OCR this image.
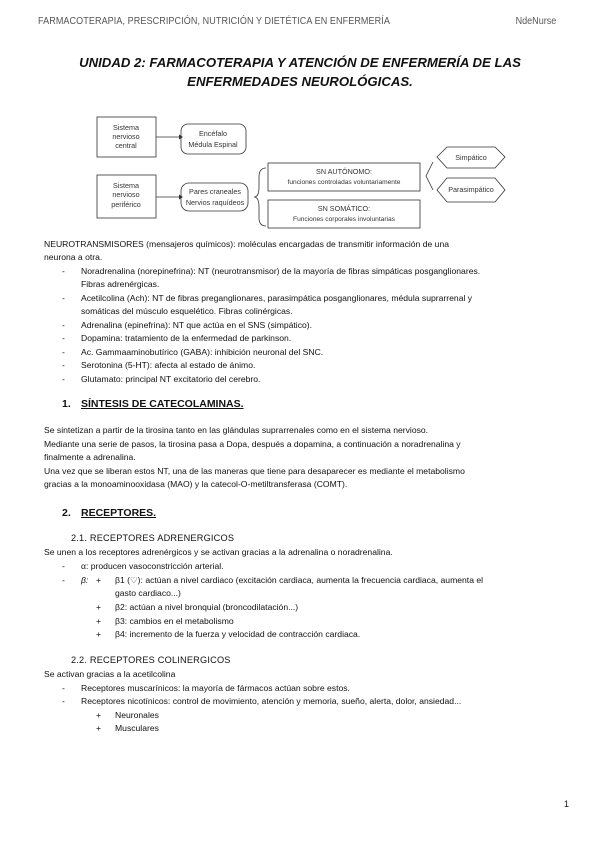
FARMACOTERAPIA, PRESCRIPCIÓN, NUTRICIÓN Y DIETÉTICA EN ENFERMERÍA	NdeNurse
UNIDAD 2: FARMACOTERAPIA Y ATENCIÓN DE ENFERMERÍA DE LAS
ENFERMEDADES NEUROLÓGICAS.
Sistema
nervioso
central
Encéfalo
Médula Espinal
Sistema
nervioso
periférico
Pares craneales
Nervios raquídeos
SN AUTÓNOMO:
funciones controladas voluntariamente
SN SOMÁTICO:
Funciones corporales involuntarias
Simpático
Parasimpático
NEUROTRANSMISORES (mensajeros químicos): moléculas encargadas de transmitir información de una
neurona a otra.
- Noradrenalina (norepinefrina): NT (neurotransmisor) de la mayoría de fibras simpáticas posganglionares.
Fibras adrenérgicas.
- Acetilcolina (Ach): NT de fibras preganglionares, parasimpática posganglionares, médula suprarrenal y
somáticas del músculo esquelético. Fibras colinérgicas.
- Adrenalina (epinefrina): NT que actúa en el SNS (simpático).
- Dopamina: tratamiento de la enfermedad de parkinson.
- Ac. Gammaaminobutírico (GABA): inhibición neuronal del SNC.
- Serotonina (5-HT): afecta al estado de ánimo.
- Glutamato: principal NT excitatorio del cerebro.
1. SÍNTESIS DE CATECOLAMINAS.
Se sintetizan a partir de la tirosina tanto en las glándulas suprarrenales como en el sistema nervioso.
Mediante una serie de pasos, la tirosina pasa a Dopa, después a dopamina, a continuación a noradrenalina y
finalmente a adrenalina.
Una vez que se liberan estos NT, una de las maneras que tiene para desaparecer es mediante el metabolismo
gracias a la monoaminooxidasa (MAO) y la catecol-O-metiltransferasa (COMT).
2. RECEPTORES.
2.1. RECEPTORES ADRENERGICOS
Se unen a los receptores adrenérgicos y se activan gracias a la adrenalina o noradrenalina.
- α: producen vasoconstricción arterial.
- β: + β1 (♡): actúan a nivel cardiaco (excitación cardiaca, aumenta la frecuencia cardiaca, aumenta el
gasto cardiaco...)
+ β2: actúan a nivel bronquial (broncodilatación...)
+ β3: cambios en el metabolismo
+ β4: incremento de la fuerza y velocidad de contracción cardiaca.
2.2. RECEPTORES COLINERGICOS
Se activan gracias a la acetilcolina
- Receptores muscarínicos: la mayoría de fármacos actúan sobre estos.
- Receptores nicotínicos: control de movimiento, atención y memoria, sueño, alerta, dolor, ansiedad...
+ Neuronales
+ Musculares
1
